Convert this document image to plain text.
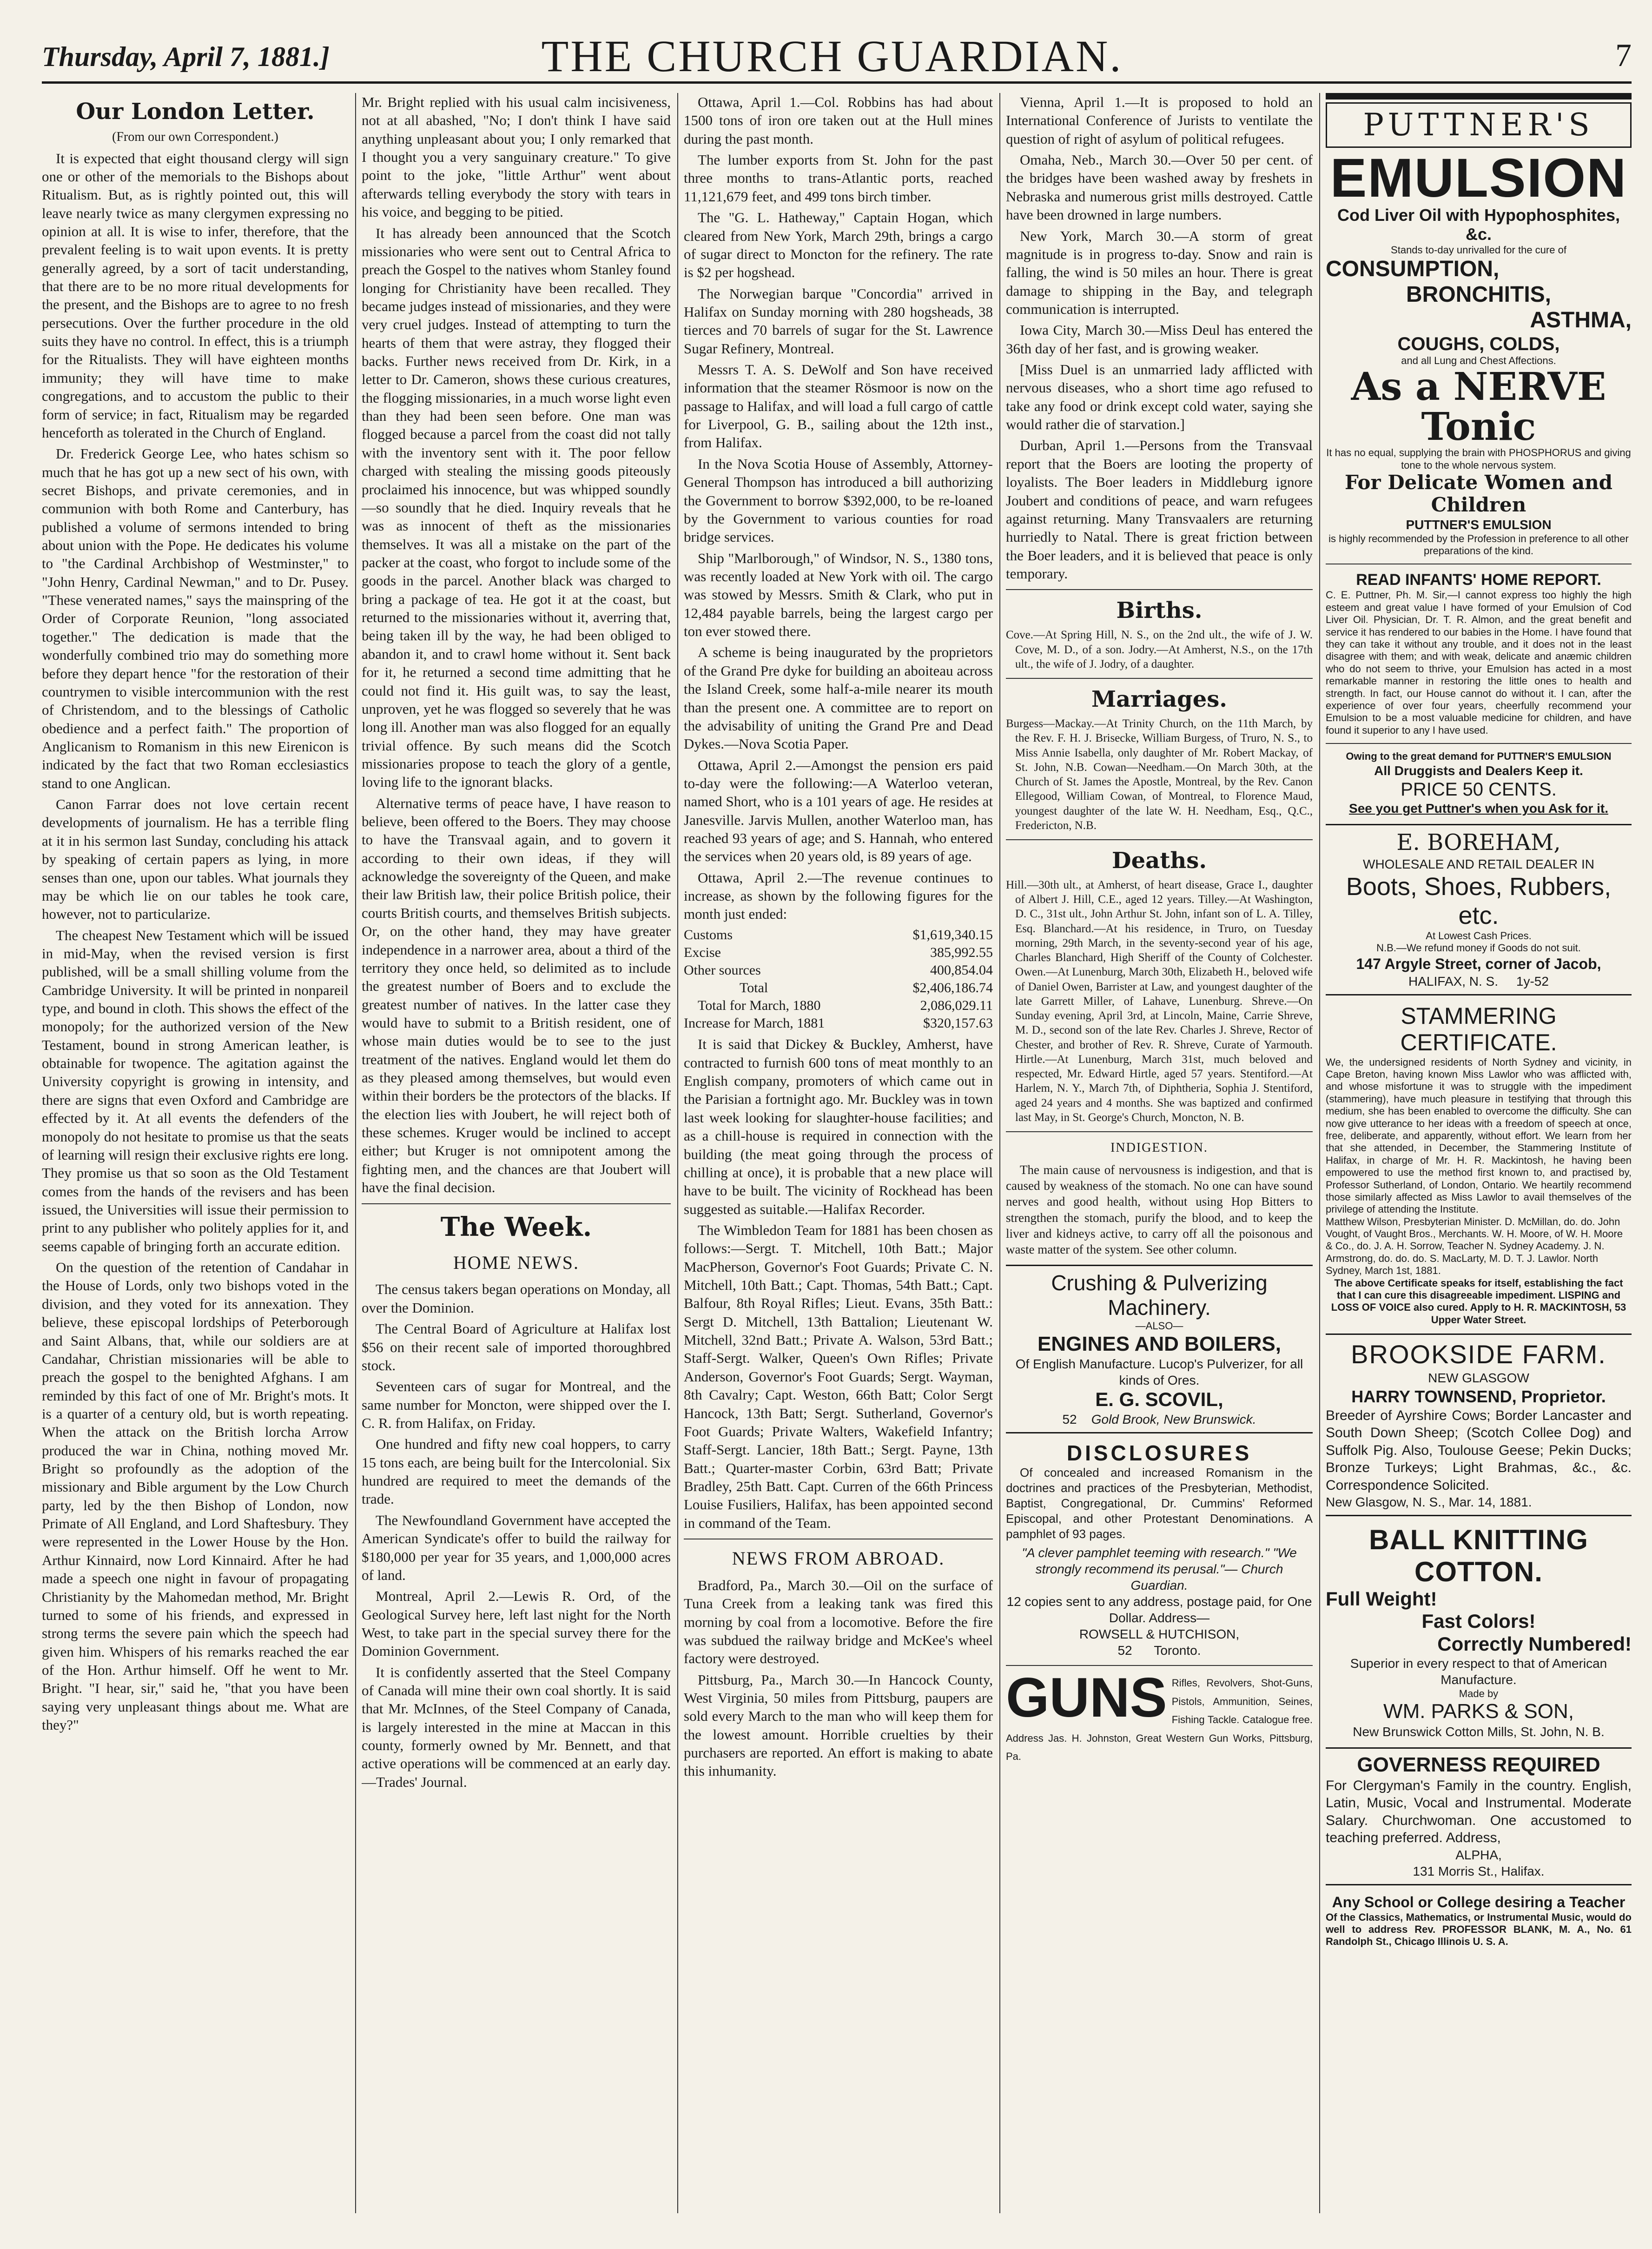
Thursday, April 7, 1881.]	THE CHURCH GUARDIAN.	7
Our London Letter.
(From our own Correspondent.)

It is expected that eight thousand clergy will sign one or other of the memorials to the Bishops about Ritualism. But, as is rightly pointed out, this will leave nearly twice as many clergymen expressing no opinion at all. It is wise to infer, therefore, that the prevalent feeling is to wait upon events. It is pretty generally agreed, by a sort of tacit understanding, that there are to be no more ritual developments for the present, and the Bishops are to agree to no fresh persecutions. Over the further procedure in the old suits they have no control. In effect, this is a triumph for the Ritualists. They will have eighteen months immunity; they will have time to make congregations, and to accustom the public to their form of service; in fact, Ritualism may be regarded henceforth as tolerated in the Church of England.

Dr. Frederick George Lee, who hates schism so much that he has got up a new sect of his own, with secret Bishops, and private ceremonies, and in communion with both Rome and Canterbury, has published a volume of sermons intended to bring about union with the Pope. He dedicates his volume to "the Cardinal Archbishop of Westminster," to "John Henry, Cardinal Newman," and to Dr. Pusey. "These venerated names," says the mainspring of the Order of Corporate Reunion, "long associated together." The dedication is made that the wonderfully combined trio may do something more before they depart hence "for the restoration of their countrymen to visible intercommunion with the rest of Christendom, and to the blessings of Catholic obedience and a perfect faith." The proportion of Anglicanism to Romanism in this new Eirenicon is indicated by the fact that two Roman ecclesiastics stand to one Anglican.

Canon Farrar does not love certain recent developments of journalism. He has a terrible fling at it in his sermon last Sunday, concluding his attack by speaking of certain papers as lying, in more senses than one, upon our tables. What journals they may be which lie on our tables he took care, however, not to particularize.

The cheapest New Testament which will be issued in mid-May, when the revised version is first published, will be a small shilling volume from the Cambridge University. It will be printed in nonpareil type, and bound in cloth. This shows the effect of the monopoly; for the authorized version of the New Testament, bound in strong American leather, is obtainable for twopence. The agitation against the University copyright is growing in intensity, and there are signs that even Oxford and Cambridge are effected by it. At all events the defenders of the monopoly do not hesitate to promise us that the seats of learning will resign their exclusive rights ere long. They promise us that so soon as the Old Testament comes from the hands of the revisers and has been issued, the Universities will issue their permission to print to any publisher who politely applies for it, and seems capable of bringing forth an accurate edition.

On the question of the retention of Candahar in the House of Lords, only two bishops voted in the division, and they voted for its annexation. They believe, these episcopal lordships of Peterborough and Saint Albans, that, while our soldiers are at Candahar, Christian missionaries will be able to preach the gospel to the benighted Afghans. I am reminded by this fact of one of Mr. Bright's mots. It is a quarter of a century old, but is worth repeating. When the attack on the British lorcha Arrow produced the war in China, nothing moved Mr. Bright so profoundly as the adoption of the missionary and Bible argument by the Low Church party, led by the then Bishop of London, now Primate of All England, and Lord Shaftesbury. They were represented in the Lower House by the Hon. Arthur Kinnaird, now Lord Kinnaird. After he had made a speech one night in favour of propagating Christianity by the Mahomedan method, Mr. Bright turned to some of his friends, and expressed in strong terms the severe pain which the speech had given him. Whispers of his remarks reached the ear of the Hon. Arthur himself. Off he went to Mr. Bright. "I hear, sir," said he, "that you have been saying very unpleasant things about me. What are they?"

Mr. Bright replied with his usual calm incisiveness, not at all abashed, "No; I don't think I have said anything unpleasant about you; I only remarked that I thought you a very sanguinary creature." To give point to the joke, "little Arthur" went about afterwards telling everybody the story with tears in his voice, and begging to be pitied.

It has already been announced that the Scotch missionaries who were sent out to Central Africa to preach the Gospel to the natives whom Stanley found longing for Christianity have been recalled. They became judges instead of missionaries, and they were very cruel judges. Instead of attempting to turn the hearts of them that were astray, they flogged their backs. Further news received from Dr. Kirk, in a letter to Dr. Cameron, shows these curious creatures, the flogging missionaries, in a much worse light even than they had been seen before. One man was flogged because a parcel from the coast did not tally with the inventory sent with it. The poor fellow charged with stealing the missing goods piteously proclaimed his innocence, but was whipped soundly—so soundly that he died. Inquiry reveals that he was as innocent of theft as the missionaries themselves. It was all a mistake on the part of the packer at the coast, who forgot to include some of the goods in the parcel. Another black was charged to bring a package of tea. He got it at the coast, but returned to the missionaries without it, averring that, being taken ill by the way, he had been obliged to abandon it, and to crawl home without it. Sent back for it, he returned a second time admitting that he could not find it. His guilt was, to say the least, unproven, yet he was flogged so severely that he was long ill. Another man was also flogged for an equally trivial offence. By such means did the Scotch missionaries propose to teach the glory of a gentle, loving life to the ignorant blacks.

Alternative terms of peace have, I have reason to believe, been offered to the Boers. They may choose to have the Transvaal again, and to govern it according to their own ideas, if they will acknowledge the sovereignty of the Queen, and make their law British law, their police British police, their courts British courts, and themselves British subjects. Or, on the other hand, they may have greater independence in a narrower area, about a third of the territory they once held, so delimited as to include the greatest number of Boers and to exclude the greatest number of natives. In the latter case they would have to submit to a British resident, one of whose main duties would be to see to the just treatment of the natives. England would let them do as they pleased among themselves, but would even within their borders be the protectors of the blacks. If the election lies with Joubert, he will reject both of these schemes. Kruger would be inclined to accept either; but Kruger is not omnipotent among the fighting men, and the chances are that Joubert will have the final decision.

The Week.
HOME NEWS.

The census takers began operations on Monday, all over the Dominion.

The Central Board of Agriculture at Halifax lost $56 on their recent sale of imported thoroughbred stock.

Seventeen cars of sugar for Montreal, and the same number for Moncton, were shipped over the I. C. R. from Halifax, on Friday.

One hundred and fifty new coal hoppers, to carry 15 tons each, are being built for the Intercolonial. Six hundred are required to meet the demands of the trade.

The Newfoundland Government have accepted the American Syndicate's offer to build the railway for $180,000 per year for 35 years, and 1,000,000 acres of land.

Montreal, April 2.—Lewis R. Ord, of the Geological Survey here, left last night for the North West, to take part in the special survey there for the Dominion Government.

It is confidently asserted that the Steel Company of Canada will mine their own coal shortly. It is said that Mr. McInnes, of the Steel Company of Canada, is largely interested in the mine at Maccan in this county, formerly owned by Mr. Bennett, and that active operations will be commenced at an early day.—Trades' Journal.

Ottawa, April 1.—Col. Robbins has had about 1500 tons of iron ore taken out at the Hull mines during the past month.

The lumber exports from St. John for the past three months to trans-Atlantic ports, reached 11,121,679 feet, and 499 tons birch timber.

The "G. L. Hatheway," Captain Hogan, which cleared from New York, March 29th, brings a cargo of sugar direct to Moncton for the refinery. The rate is $2 per hogshead.

The Norwegian barque "Concordia" arrived in Halifax on Sunday morning with 280 hogsheads, 38 tierces and 70 barrels of sugar for the St. Lawrence Sugar Refinery, Montreal.

Messrs T. A. S. DeWolf and Son have received information that the steamer Rösmoor is now on the passage to Halifax, and will load a full cargo of cattle for Liverpool, G. B., sailing about the 12th inst., from Halifax.

In the Nova Scotia House of Assembly, Attorney-General Thompson has introduced a bill authorizing the Government to borrow $392,000, to be re-loaned by the Government to various counties for road bridge services.

Ship "Marlborough," of Windsor, N. S., 1380 tons, was recently loaded at New York with oil. The cargo was stowed by Messrs. Smith & Clark, who put in 12,484 payable barrels, being the largest cargo per ton ever stowed there.

A scheme is being inaugurated by the proprietors of the Grand Pre dyke for building an aboiteau across the Island Creek, some half-a-mile nearer its mouth than the present one. A committee are to report on the advisability of uniting the Grand Pre and Dead Dykes.—Nova Scotia Paper.

Ottawa, April 2.—Amongst the pension ers paid to-day were the following:—A Waterloo veteran, named Short, who is a 101 years of age. He resides at Janesville. Jarvis Mullen, another Waterloo man, has reached 93 years of age; and S. Hannah, who entered the services when 20 years old, is 89 years of age.

Ottawa, April 2.—The revenue continues to increase, as shown by the following figures for the month just ended:

Customs	$1,619,340.15
Excise	385,992.55
Other sources	400,854.04
Total	$2,406,186.74
Total for March, 1880	2,086,029.11
Increase for March, 1881	$320,157.63

It is said that Dickey & Buckley, Amherst, have contracted to furnish 600 tons of meat monthly to an English company, promoters of which came out in the Parisian a fortnight ago. Mr. Buckley was in town last week looking for slaughter-house facilities; and as a chill-house is required in connection with the building (the meat going through the process of chilling at once), it is probable that a new place will have to be built. The vicinity of Rockhead has been suggested as suitable.—Halifax Recorder.

The Wimbledon Team for 1881 has been chosen as follows:—Sergt. T. Mitchell, 10th Batt.; Major MacPherson, Governor's Foot Guards; Private C. N. Mitchell, 10th Batt.; Capt. Thomas, 54th Batt.; Capt. Balfour, 8th Royal Rifles; Lieut. Evans, 35th Batt.: Sergt D. Mitchell, 13th Battalion; Lieutenant W. Mitchell, 32nd Batt.; Private A. Walson, 53rd Batt.; Staff-Sergt. Walker, Queen's Own Rifles; Private Anderson, Governor's Foot Guards; Sergt. Wayman, 8th Cavalry; Capt. Weston, 66th Batt; Color Sergt Hancock, 13th Batt; Sergt. Sutherland, Governor's Foot Guards; Private Walters, Wakefield Infantry; Staff-Sergt. Lancier, 18th Batt.; Sergt. Payne, 13th Batt.; Quarter-master Corbin, 63rd Batt; Private Bradley, 25th Batt. Capt. Curren of the 66th Princess Louise Fusiliers, Halifax, has been appointed second in command of the Team.

NEWS FROM ABROAD.

Bradford, Pa., March 30.—Oil on the surface of Tuna Creek from a leaking tank was fired this morning by coal from a locomotive. Before the fire was subdued the railway bridge and McKee's wheel factory were destroyed.

Pittsburg, Pa., March 30.—In Hancock County, West Virginia, 50 miles from Pittsburg, paupers are sold every March to the man who will keep them for the lowest amount. Horrible cruelties by their purchasers are reported. An effort is making to abate this inhumanity.

Vienna, April 1.—It is proposed to hold an International Conference of Jurists to ventilate the question of right of asylum of political refugees.

Omaha, Neb., March 30.—Over 50 per cent. of the bridges have been washed away by freshets in Nebraska and numerous grist mills destroyed. Cattle have been drowned in large numbers.

New York, March 30.—A storm of great magnitude is in progress to-day. Snow and rain is falling, the wind is 50 miles an hour. There is great damage to shipping in the Bay, and telegraph communication is interrupted.

Iowa City, March 30.—Miss Deul has entered the 36th day of her fast, and is growing weaker.

[Miss Duel is an unmarried lady afflicted with nervous diseases, who a short time ago refused to take any food or drink except cold water, saying she would rather die of starvation.]

Durban, April 1.—Persons from the Transvaal report that the Boers are looting the property of loyalists. The Boer leaders in Middleburg ignore Joubert and conditions of peace, and warn refugees against returning. Many Transvaalers are returning hurriedly to Natal. There is great friction between the Boer leaders, and it is believed that peace is only temporary.

Births.
Cove.—At Spring Hill, N. S., on the 2nd ult., the wife of J. W. Cove, M. D., of a son. Jodry.—At Amherst, N.S., on the 17th ult., the wife of J. Jodry, of a daughter.
Marriages.
Burgess—Mackay.—At Trinity Church, on the 11th March, by the Rev. F. H. J. Brisecke, William Burgess, of Truro, N. S., to Miss Annie Isabella, only daughter of Mr. Robert Mackay, of St. John, N.B. Cowan—Needham.—On March 30th, at the Church of St. James the Apostle, Montreal, by the Rev. Canon Ellegood, William Cowan, of Montreal, to Florence Maud, youngest daughter of the late W. H. Needham, Esq., Q.C., Fredericton, N.B.
Deaths.
Hill.—30th ult., at Amherst, of heart disease, Grace I., daughter of Albert J. Hill, C.E., aged 12 years. Tilley.—At Washington, D. C., 31st ult., John Arthur St. John, infant son of L. A. Tilley, Esq. Blanchard.—At his residence, in Truro, on Tuesday morning, 29th March, in the seventy-second year of his age, Charles Blanchard, High Sheriff of the County of Colchester. Owen.—At Lunenburg, March 30th, Elizabeth H., beloved wife of Daniel Owen, Barrister at Law, and youngest daughter of the late Garrett Miller, of Lahave, Lunenburg. Shreve.—On Sunday evening, April 3rd, at Lincoln, Maine, Carrie Shreve, M. D., second son of the late Rev. Charles J. Shreve, Rector of Chester, and brother of Rev. R. Shreve, Curate of Yarmouth. Hirtle.—At Lunenburg, March 31st, much beloved and respected, Mr. Edward Hirtle, aged 57 years. Stentiford.—At Harlem, N. Y., March 7th, of Diphtheria, Sophia J. Stentiford, aged 24 years and 4 months. She was baptized and confirmed last May, in St. George's Church, Moncton, N. B.
INDIGESTION.

The main cause of nervousness is indigestion, and that is caused by weakness of the stomach. No one can have sound nerves and good health, without using Hop Bitters to strengthen the stomach, purify the blood, and to keep the liver and kidneys active, to carry off all the poisonous and waste matter of the system. See other column.

Crushing & Pulverizing Machinery.
—ALSO—
ENGINES AND BOILERS,
Of English Manufacture. Lucop's Pulverizer, for all kinds of Ores.
E. G. SCOVIL,
52 Gold Brook, New Brunswick.
DISCLOSURES

Of concealed and increased Romanism in the doctrines and practices of the Presbyterian, Methodist, Baptist, Congregational, Dr. Cummins' Reformed Episcopal, and other Protestant Denominations. A pamphlet of 93 pages.

"A clever pamphlet teeming with research." "We strongly recommend its perusal."— Church Guardian.
12 copies sent to any address, postage paid, for One Dollar. Address—
ROWSELL & HUTCHISON,
52 Toronto.
GUNS Rifles, Revolvers, Shot-Guns, Pistols, Ammunition, Seines, Fishing Tackle. Catalogue free. Address Jas. H. Johnston, Great Western Gun Works, Pittsburg, Pa.
PUTTNER'S
EMULSION
Cod Liver Oil with Hypophosphites, &c.
Stands to-day unrivalled for the cure of
CONSUMPTION,
BRONCHITIS,
ASTHMA,
COUGHS, COLDS,
and all Lung and Chest Affections.
As a NERVE Tonic
It has no equal, supplying the brain with PHOSPHORUS and giving tone to the whole nervous system.
For Delicate Women and Children
PUTTNER'S EMULSION
is highly recommended by the Profession in preference to all other preparations of the kind.
READ INFANTS' HOME REPORT.
C. E. Puttner, Ph. M. Sir,—I cannot express too highly the high esteem and great value I have formed of your Emulsion of Cod Liver Oil. Physician, Dr. T. R. Almon, and the great benefit and service it has rendered to our babies in the Home. I have found that they can take it without any trouble, and it does not in the least disagree with them; and with weak, delicate and anæmic children who do not seem to thrive, your Emulsion has acted in a most remarkable manner in restoring the little ones to health and strength. In fact, our House cannot do without it. I can, after the experience of over four years, cheerfully recommend your Emulsion to be a most valuable medicine for children, and have found it superior to any I have used.
Owing to the great demand for PUTTNER'S EMULSION
All Druggists and Dealers Keep it.
PRICE 50 CENTS.
See you get Puttner's when you Ask for it.
E. BOREHAM,
WHOLESALE AND RETAIL DEALER IN
Boots, Shoes, Rubbers, etc.
At Lowest Cash Prices.
N.B.—We refund money if Goods do not suit.
147 Argyle Street, corner of Jacob,
HALIFAX, N. S. 1y-52
STAMMERING CERTIFICATE.
We, the undersigned residents of North Sydney and vicinity, in Cape Breton, having known Miss Lawlor who was afflicted with, and whose misfortune it was to struggle with the impediment (stammering), have much pleasure in testifying that through this medium, she has been enabled to overcome the difficulty. She can now give utterance to her ideas with a freedom of speech at once, free, deliberate, and apparently, without effort. We learn from her that she attended, in December, the Stammering Institute of Halifax, in charge of Mr. H. R. Mackintosh, he having been empowered to use the method first known to, and practised by, Professor Sutherland, of London, Ontario. We heartily recommend those similarly affected as Miss Lawlor to avail themselves of the privilege of attending the Institute.
Matthew Wilson, Presbyterian Minister. D. McMillan, do. do. John Vought, of Vaught Bros., Merchants. W. H. Moore, of W. H. Moore & Co., do. J. A. H. Sorrow, Teacher N. Sydney Academy. J. N. Armstrong, do. do. do. S. MacLarty, M. D. T. J. Lawlor. North Sydney, March 1st, 1881.
The above Certificate speaks for itself, establishing the fact that I can cure this disagreeable impediment. LISPING and LOSS OF VOICE also cured. Apply to H. R. MACKINTOSH, 53 Upper Water Street.
BROOKSIDE FARM.
NEW GLASGOW
HARRY TOWNSEND, Proprietor.
Breeder of Ayrshire Cows; Border Lancaster and South Down Sheep; (Scotch Collee Dog) and Suffolk Pig. Also, Toulouse Geese; Pekin Ducks; Bronze Turkeys; Light Brahmas, &c., &c. Correspondence Solicited.
New Glasgow, N. S., Mar. 14, 1881.
BALL KNITTING COTTON.
Full Weight!
Fast Colors!
Correctly Numbered!
Superior in every respect to that of American Manufacture.
Made by
WM. PARKS & SON,
New Brunswick Cotton Mills, St. John, N. B.
GOVERNESS REQUIRED
For Clergyman's Family in the country. English, Latin, Music, Vocal and Instrumental. Moderate Salary. Churchwoman. One accustomed to teaching preferred. Address,
ALPHA,
131 Morris St., Halifax.
Any School or College desiring a Teacher
Of the Classics, Mathematics, or Instrumental Music, would do well to address Rev. PROFESSOR BLANK, M. A., No. 61 Randolph St., Chicago Illinois U. S. A.
